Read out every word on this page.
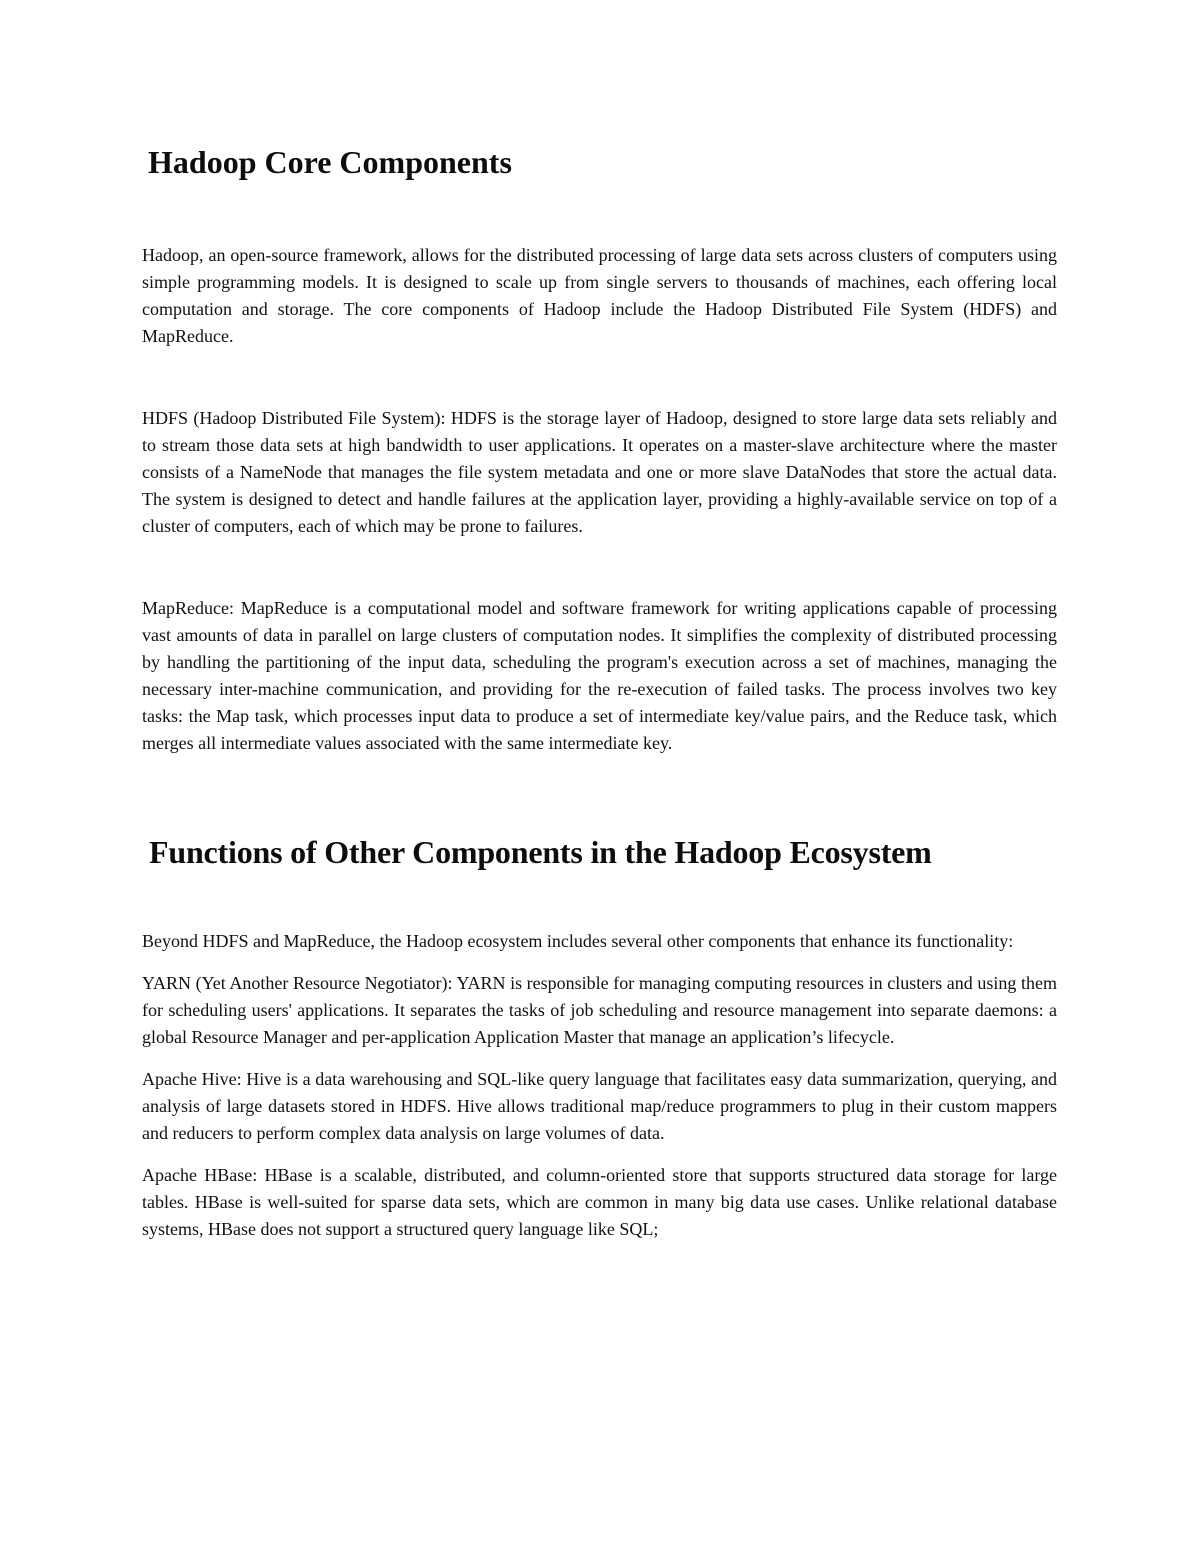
Hadoop Core Components

Hadoop, an open-source framework, allows for the distributed processing of large data sets across clusters of computers using simple programming models. It is designed to scale up from single servers to thousands of machines, each offering local computation and storage. The core components of Hadoop include the Hadoop Distributed File System (HDFS) and MapReduce.

HDFS (Hadoop Distributed File System): HDFS is the storage layer of Hadoop, designed to store large data sets reliably and to stream those data sets at high bandwidth to user applications. It operates on a master-slave architecture where the master consists of a NameNode that manages the file system metadata and one or more slave DataNodes that store the actual data. The system is designed to detect and handle failures at the application layer, providing a highly-available service on top of a cluster of computers, each of which may be prone to failures.

MapReduce: MapReduce is a computational model and software framework for writing applications capable of processing vast amounts of data in parallel on large clusters of computation nodes. It simplifies the complexity of distributed processing by handling the partitioning of the input data, scheduling the program's execution across a set of machines, managing the necessary inter-machine communication, and providing for the re-execution of failed tasks. The process involves two key tasks: the Map task, which processes input data to produce a set of intermediate key/value pairs, and the Reduce task, which merges all intermediate values associated with the same intermediate key.

Functions of Other Components in the Hadoop Ecosystem

Beyond HDFS and MapReduce, the Hadoop ecosystem includes several other components that enhance its functionality:

YARN (Yet Another Resource Negotiator): YARN is responsible for managing computing resources in clusters and using them for scheduling users' applications. It separates the tasks of job scheduling and resource management into separate daemons: a global Resource Manager and per-application Application Master that manage an application’s lifecycle.

Apache Hive: Hive is a data warehousing and SQL-like query language that facilitates easy data summarization, querying, and analysis of large datasets stored in HDFS. Hive allows traditional map/reduce programmers to plug in their custom mappers and reducers to perform complex data analysis on large volumes of data.

Apache HBase: HBase is a scalable, distributed, and column-oriented store that supports structured data storage for large tables. HBase is well-suited for sparse data sets, which are common in many big data use cases. Unlike relational database systems, HBase does not support a structured query language like SQL;
